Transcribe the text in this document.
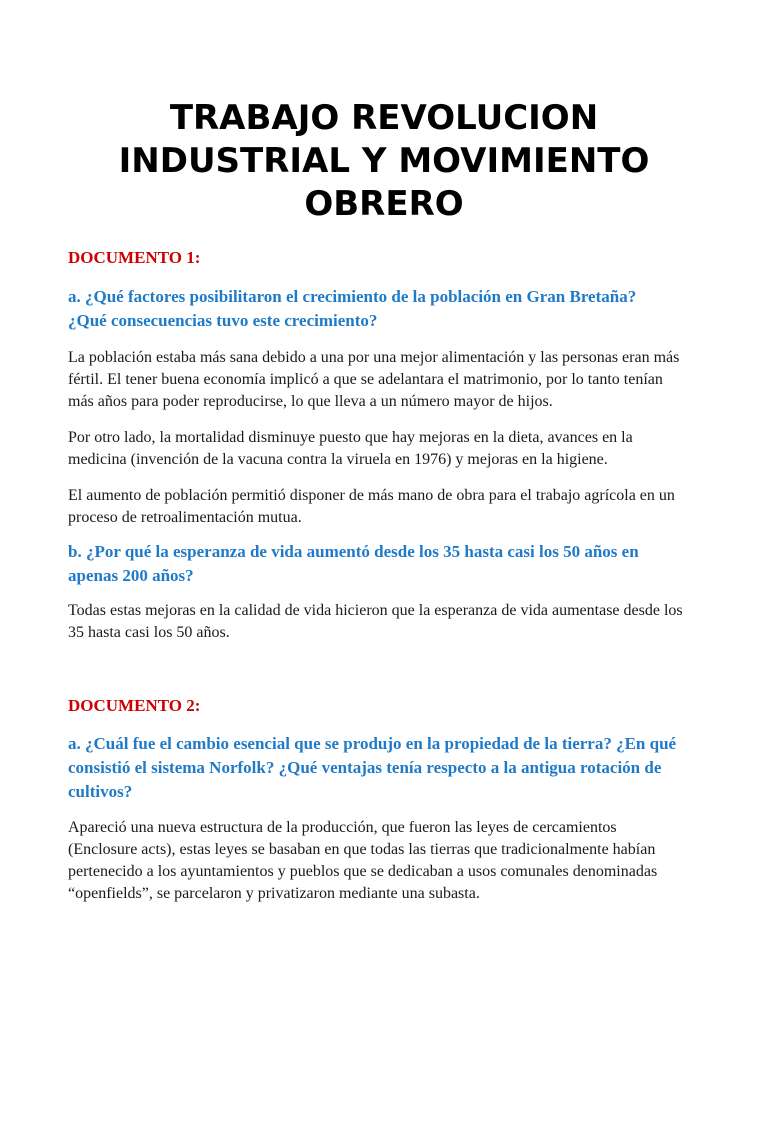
TRABAJO REVOLUCION
INDUSTRIAL Y MOVIMIENTO
OBRERO

DOCUMENTO 1:

a. ¿Qué factores posibilitaron el crecimiento de la población en Gran Bretaña?
¿Qué consecuencias tuvo este crecimiento?
La población estaba más sana debido a una por una mejor alimentación y las personas eran más
fértil. El tener buena economía implicó a que se adelantara el matrimonio, por lo tanto tenían
más años para poder reproducirse, lo que lleva a un número mayor de hijos.
Por otro lado, la mortalidad disminuye puesto que hay mejoras en la dieta, avances en la
medicina (invención de la vacuna contra la viruela en 1976) y mejoras en la higiene.
El aumento de población permitió disponer de más mano de obra para el trabajo agrícola en un
proceso de retroalimentación mutua.
b. ¿Por qué la esperanza de vida aumentó desde los 35 hasta casi los 50 años en
apenas 200 años?
Todas estas mejoras en la calidad de vida hicieron que la esperanza de vida aumentase desde los
35 hasta casi los 50 años.

DOCUMENTO 2:

a. ¿Cuál fue el cambio esencial que se produjo en la propiedad de la tierra? ¿En qué
consistió el sistema Norfolk? ¿Qué ventajas tenía respecto a la antigua rotación de
cultivos?
Apareció una nueva estructura de la producción, que fueron las leyes de cercamientos
(Enclosure acts), estas leyes se basaban en que todas las tierras que tradicionalmente habían
pertenecido a los ayuntamientos y pueblos que se dedicaban a usos comunales denominadas
“openfields”, se parcelaron y privatizaron mediante una subasta.
